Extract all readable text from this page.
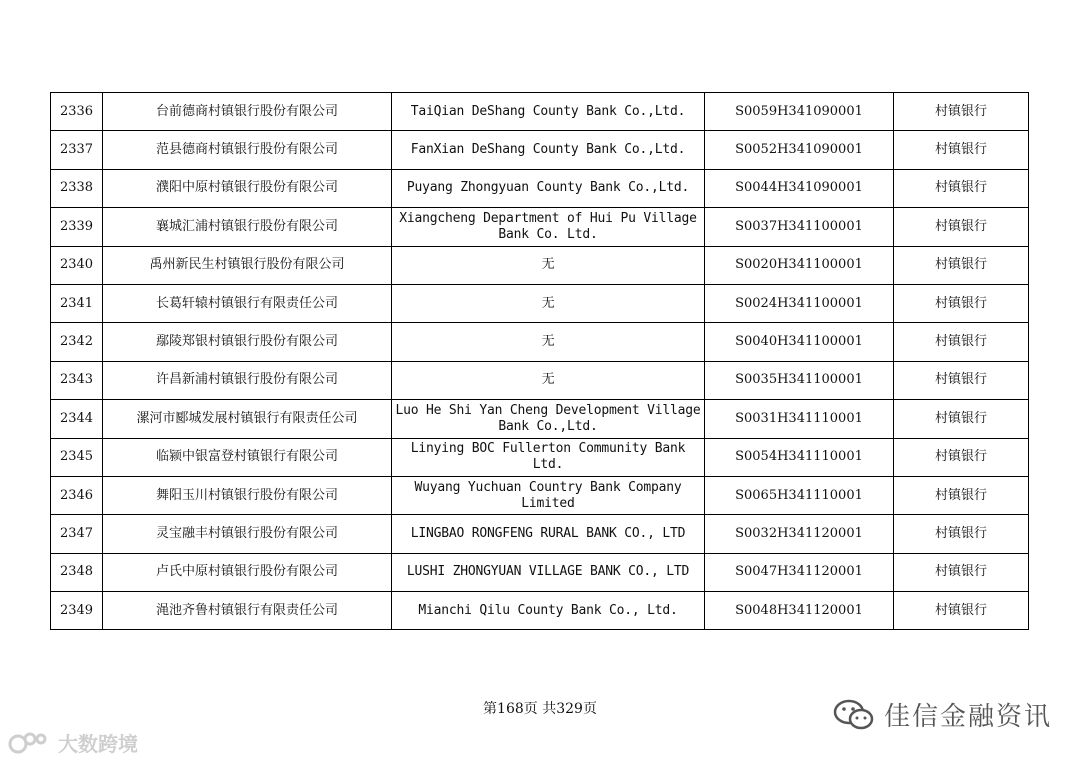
2336	台前德商村镇银行股份有限公司	TaiQian DeShang County Bank Co.,Ltd.	S0059H341090001	村镇银行
2337	范县德商村镇银行股份有限公司	FanXian DeShang County Bank Co.,Ltd.	S0052H341090001	村镇银行
2338	濮阳中原村镇银行股份有限公司	Puyang Zhongyuan County Bank Co.,Ltd.	S0044H341090001	村镇银行
2339	襄城汇浦村镇银行股份有限公司	Xiangcheng Department of Hui Pu Village Bank Co. Ltd.	S0037H341100001	村镇银行
2340	禹州新民生村镇银行股份有限公司	无	S0020H341100001	村镇银行
2341	长葛轩辕村镇银行有限责任公司	无	S0024H341100001	村镇银行
2342	鄢陵郑银村镇银行股份有限公司	无	S0040H341100001	村镇银行
2343	许昌新浦村镇银行股份有限公司	无	S0035H341100001	村镇银行
2344	漯河市郾城发展村镇银行有限责任公司	Luo He Shi Yan Cheng Development Village Bank Co.,Ltd.	S0031H341110001	村镇银行
2345	临颍中银富登村镇银行有限公司	Linying BOC Fullerton Community Bank Ltd.	S0054H341110001	村镇银行
2346	舞阳玉川村镇银行股份有限公司	Wuyang Yuchuan Country Bank Company Limited	S0065H341110001	村镇银行
2347	灵宝融丰村镇银行股份有限公司	LINGBAO RONGFENG RURAL BANK CO., LTD	S0032H341120001	村镇银行
2348	卢氏中原村镇银行股份有限公司	LUSHI ZHONGYUAN VILLAGE BANK CO., LTD	S0047H341120001	村镇银行
2349	渑池齐鲁村镇银行有限责任公司	Mianchi Qilu County Bank Co., Ltd.	S0048H341120001	村镇银行
第168页 共329页
大数跨境
佳信金融资讯
